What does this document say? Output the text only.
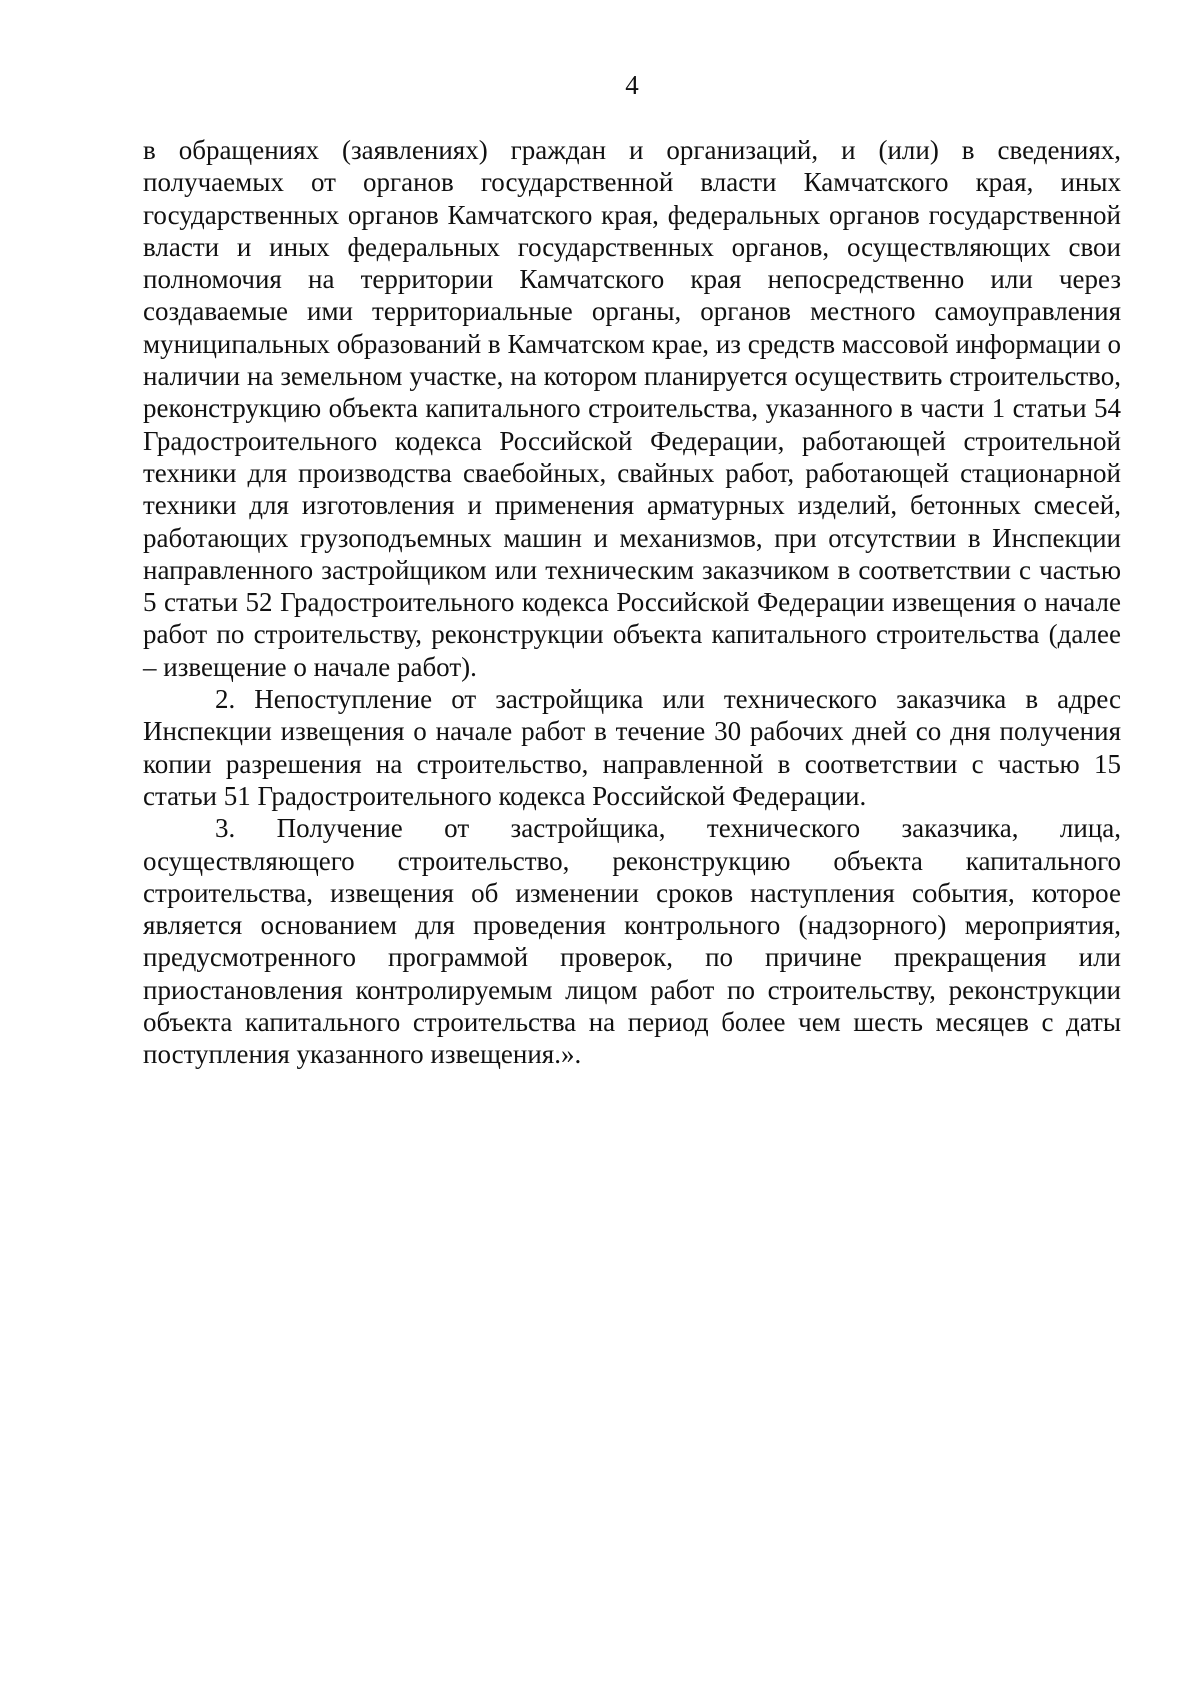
4

в обращениях (заявлениях) граждан и организаций, и (или) в сведениях, получаемых от органов государственной власти Камчатского края, иных государственных органов Камчатского края, федеральных органов государственной власти и иных федеральных государственных органов, осуществляющих свои полномочия на территории Камчатского края непосредственно или через создаваемые ими территориальные органы, органов местного самоуправления муниципальных образований в Камчатском крае, из средств массовой информации о наличии на земельном участке, на котором планируется осуществить строительство, реконструкцию объекта капитального строительства, указанного в части 1 статьи 54 Градостроительного кодекса Российской Федерации, работающей строительной техники для производства свaебойных, свайных работ, работающей стационарной техники для изготовления и применения арматурных изделий, бетонных смесей, работающих грузоподъемных машин и механизмов, при отсутствии в Инспекции направленного застройщиком или техническим заказчиком в соответствии с частью 5 статьи 52 Градостроительного кодекса Российской Федерации извещения о начале работ по строительству, реконструкции объекта капитального строительства (далее – извещение о начале работ).

2. Непоступление от застройщика или технического заказчика в адрес Инспекции извещения о начале работ в течение 30 рабочих дней со дня получения копии разрешения на строительство, направленной в соответствии с частью 15 статьи 51 Градостроительного кодекса Российской Федерации.

3. Получение от застройщика, технического заказчика, лица, осуществляющего строительство, реконструкцию объекта капитального строительства, извещения об изменении сроков наступления события, которое является основанием для проведения контрольного (надзорного) мероприятия, предусмотренного программой проверок, по причине прекращения или приостановления контролируемым лицом работ по строительству, реконструкции объекта капитального строительства на период более чем шесть месяцев с даты поступления указанного извещения.».
